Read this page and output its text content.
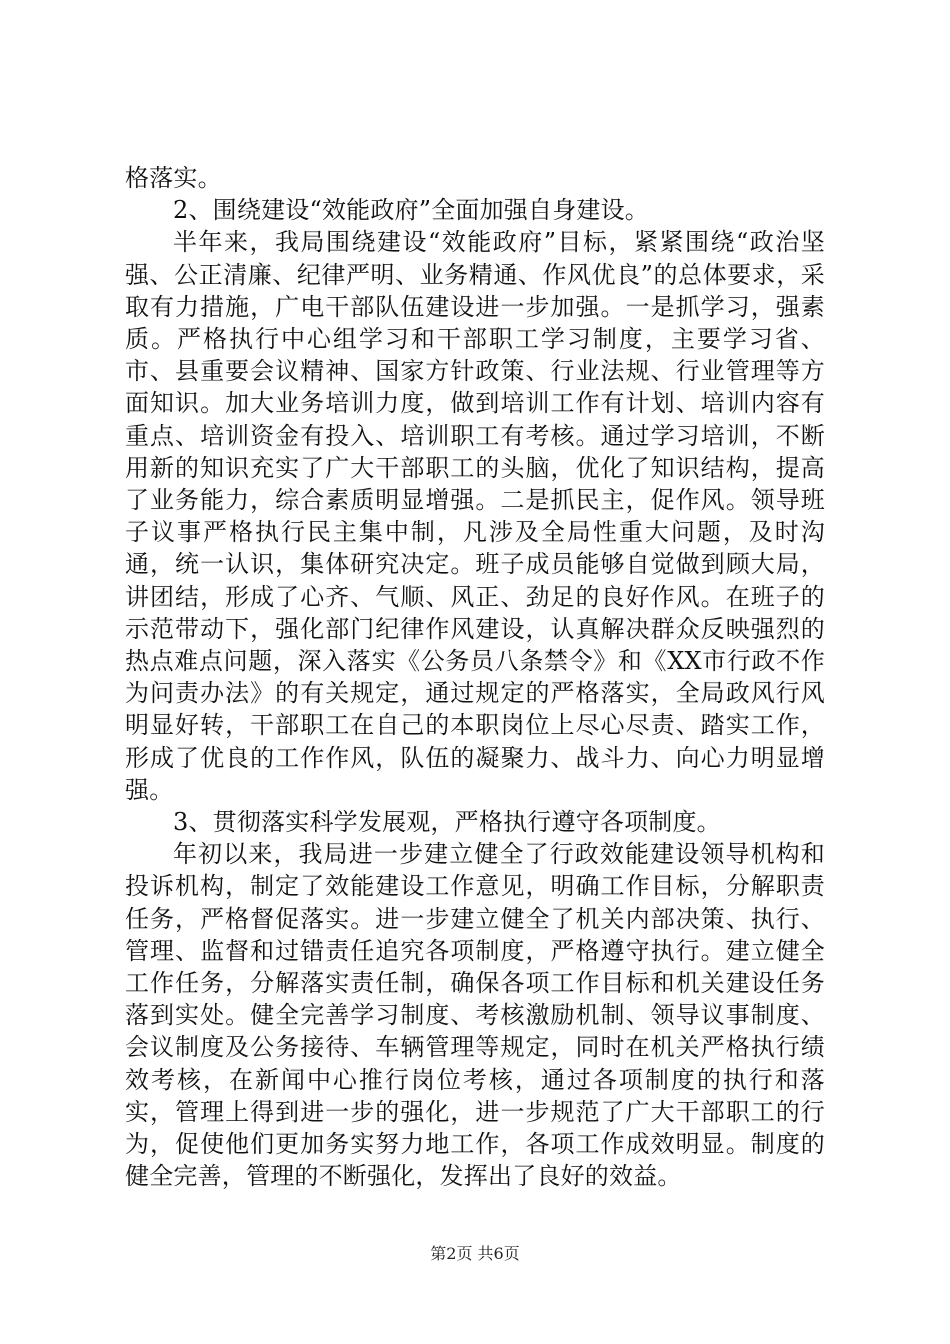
格落实。

2、围绕建设“效能政府”全面加强自身建设。

半年来，我局围绕建设“效能政府”目标，紧紧围绕“政治坚强、公正清廉、纪律严明、业务精通、作风优良”的总体要求，采取有力措施，广电干部队伍建设进一步加强。一是抓学习，强素质。严格执行中心组学习和干部职工学习制度，主要学习省、市、县重要会议精神、国家方针政策、行业法规、行业管理等方面知识。加大业务培训力度，做到培训工作有计划、培训内容有重点、培训资金有投入、培训职工有考核。通过学习培训，不断用新的知识充实了广大干部职工的头脑，优化了知识结构，提高了业务能力，综合素质明显增强。二是抓民主，促作风。领导班子议事严格执行民主集中制，凡涉及全局性重大问题，及时沟通，统一认识，集体研究决定。班子成员能够自觉做到顾大局，讲团结，形成了心齐、气顺、风正、劲足的良好作风。在班子的示范带动下，强化部门纪律作风建设，认真解决群众反映强烈的热点难点问题，深入落实《公务员八条禁令》和《XX市行政不作为问责办法》的有关规定，通过规定的严格落实，全局政风行风明显好转，干部职工在自己的本职岗位上尽心尽责、踏实工作，形成了优良的工作作风，队伍的凝聚力、战斗力、向心力明显增强。

3、贯彻落实科学发展观，严格执行遵守各项制度。

年初以来，我局进一步建立健全了行政效能建设领导机构和投诉机构，制定了效能建设工作意见，明确工作目标，分解职责任务，严格督促落实。进一步建立健全了机关内部决策、执行、管理、监督和过错责任追究各项制度，严格遵守执行。建立健全工作任务，分解落实责任制，确保各项工作目标和机关建设任务落到实处。健全完善学习制度、考核激励机制、领导议事制度、会议制度及公务接待、车辆管理等规定，同时在机关严格执行绩效考核，在新闻中心推行岗位考核，通过各项制度的执行和落实，管理上得到进一步的强化，进一步规范了广大干部职工的行为，促使他们更加务实努力地工作，各项工作成效明显。制度的健全完善，管理的不断强化，发挥出了良好的效益。

第2页 共6页
